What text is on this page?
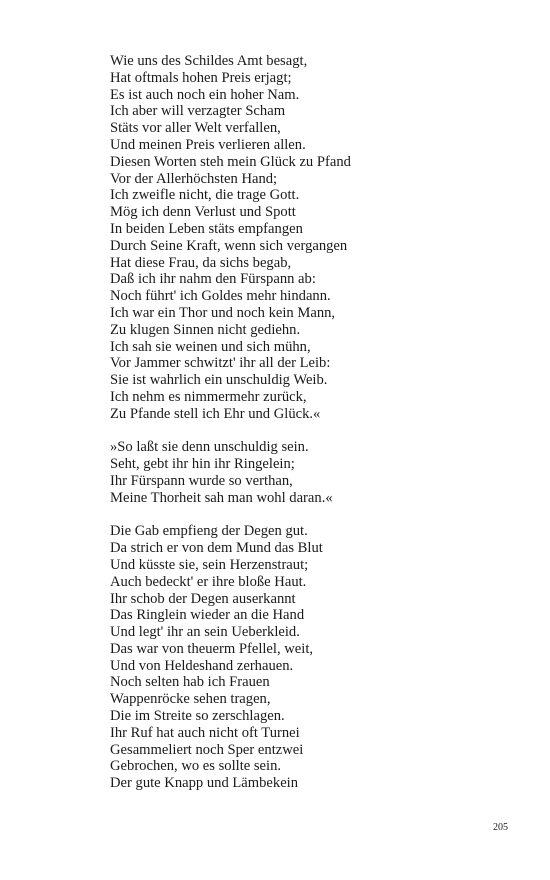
Wie uns des Schildes Amt besagt,
Hat oftmals hohen Preis erjagt;
Es ist auch noch ein hoher Nam.
Ich aber will verzagter Scham
Stäts vor aller Welt verfallen,
Und meinen Preis verlieren allen.
Diesen Worten steh mein Glück zu Pfand
Vor der Allerhöchsten Hand;
Ich zweifle nicht, die trage Gott.
Mög ich denn Verlust und Spott
In beiden Leben stäts empfangen
Durch Seine Kraft, wenn sich vergangen
Hat diese Frau, da sichs begab,
Daß ich ihr nahm den Fürspann ab:
Noch führt' ich Goldes mehr hindann.
Ich war ein Thor und noch kein Mann,
Zu klugen Sinnen nicht gediehn.
Ich sah sie weinen und sich mühn,
Vor Jammer schwitzt' ihr all der Leib:
Sie ist wahrlich ein unschuldig Weib.
Ich nehm es nimmermehr zurück,
Zu Pfande stell ich Ehr und Glück.«
»So laßt sie denn unschuldig sein.
Seht, gebt ihr hin ihr Ringelein;
Ihr Fürspann wurde so verthan,
Meine Thorheit sah man wohl daran.«
Die Gab empfieng der Degen gut.
Da strich er von dem Mund das Blut
Und küsste sie, sein Herzenstraut;
Auch bedeckt' er ihre bloße Haut.
Ihr schob der Degen auserkannt
Das Ringlein wieder an die Hand
Und legt' ihr an sein Ueberkleid.
Das war von theuerm Pfellel, weit,
Und von Heldeshand zerhauen.
Noch selten hab ich Frauen
Wappenröcke sehen tragen,
Die im Streite so zerschlagen.
Ihr Ruf hat auch nicht oft Turnei
Gesammeliert noch Sper entzwei
Gebrochen, wo es sollte sein.
Der gute Knapp und Lämbekein
205
